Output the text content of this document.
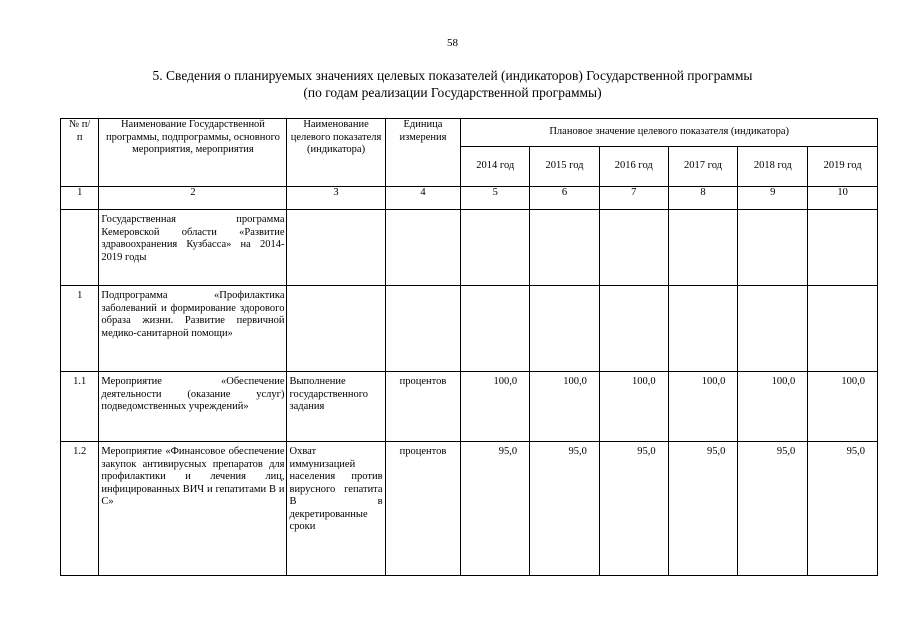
58
5. Сведения о планируемых значениях целевых показателей (индикаторов) Государственной программы
(по годам реализации Государственной программы)
№ п/п	Наименование Государственной программы, подпрограммы, основного мероприятия, мероприятия	Наименование целевого показателя (индикатора)	Единица измерения	Плановое значение целевого показателя (индикатора)					
				2014 год	2015 год	2016 год	2017 год	2018 год	2019 год
1	2	3	4	5	6	7	8	9	10
	Государственная программа Кемеровской области «Развитие здравоохранения Кузбасса» на 2014-2019 годы								
1	Подпрограмма «Профилактика заболеваний и формирование здорового образа жизни. Развитие первичной медико-санитарной помощи»								
1.1	Мероприятие «Обеспечение деятельности (оказание услуг) подведомственных учреждений»	Выполнение государственного задания	процентов	100,0	100,0	100,0	100,0	100,0	100,0
1.2	Мероприятие «Финансовое обеспечение закупок антивирусных препаратов для профилактики и лечения лиц, инфицированных ВИЧ и гепатитами В и С»	Охват иммунизацией населения против вирусного гепатита В в декретированные сроки	процентов	95,0	95,0	95,0	95,0	95,0	95,0
